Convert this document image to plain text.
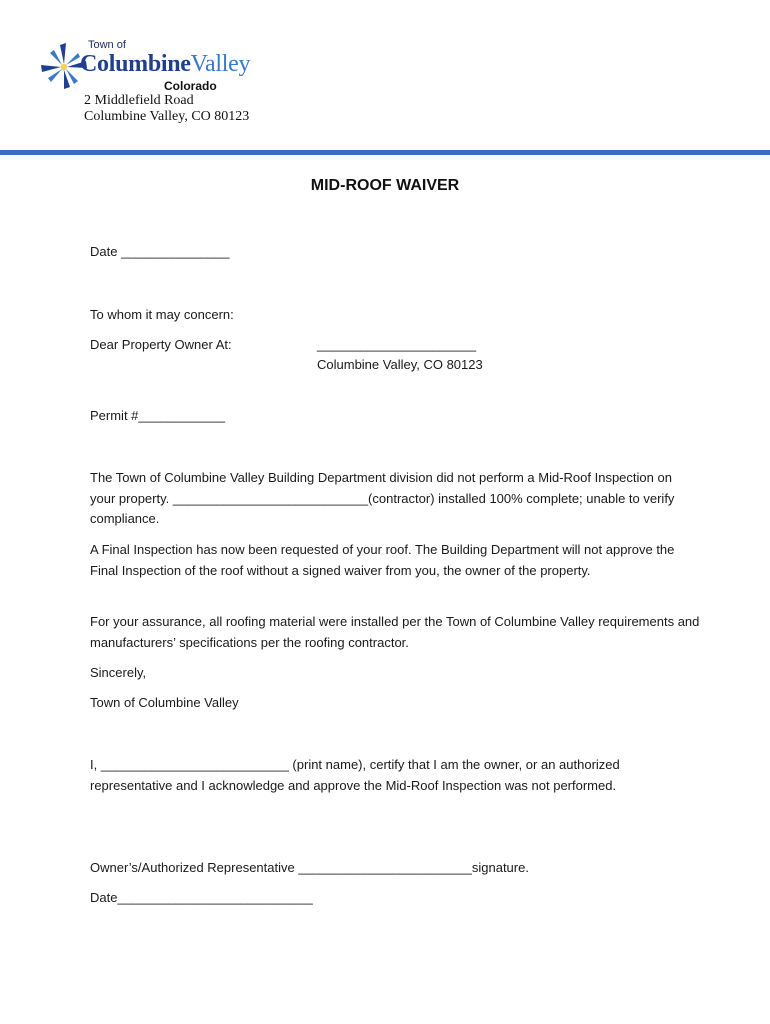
Town of
ColumbineValley
Colorado
2 Middlefield Road
Columbine Valley, CO 80123
MID-ROOF WAIVER
Date _______________
To whom it may concern:
Dear Property Owner At:	______________________
Columbine Valley, CO 80123
Permit #____________
The Town of Columbine Valley Building Department division did not perform a Mid-Roof Inspection on your property. ___________________________(contractor) installed 100% complete; unable to verify compliance.
A Final Inspection has now been requested of your roof. The Building Department will not approve the Final Inspection of the roof without a signed waiver from you, the owner of the property.
For your assurance, all roofing material were installed per the Town of Columbine Valley requirements and manufacturers’ specifications per the roofing contractor.
Sincerely,
Town of Columbine Valley
I, __________________________ (print name), certify that I am the owner, or an authorized representative and I acknowledge and approve the Mid-Roof Inspection was not performed.
Owner’s/Authorized Representative ________________________signature.
Date___________________________
